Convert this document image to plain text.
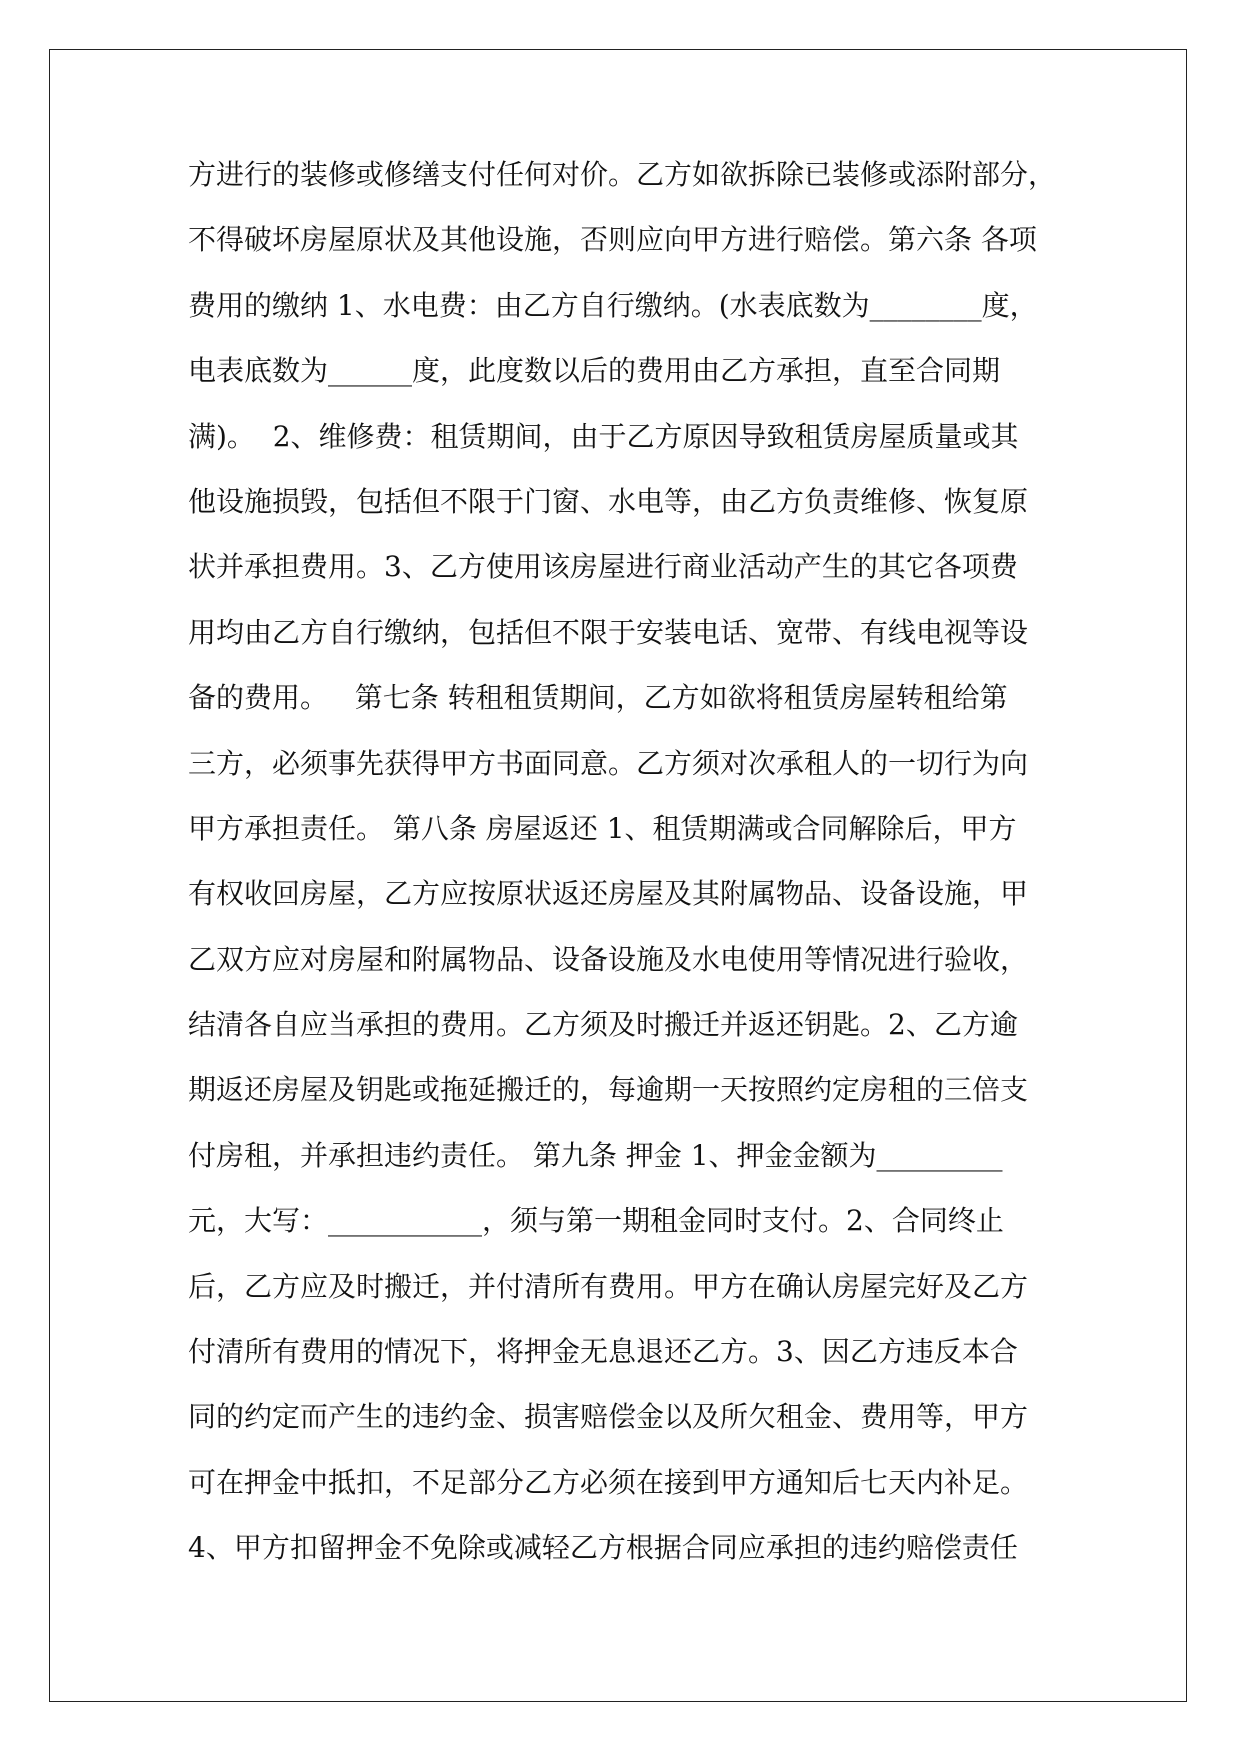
方进行的装修或修缮支付任何对价。乙方如欲拆除已装修或添附部分，
不得破坏房屋原状及其他设施，否则应向甲方进行赔偿。第六条 各项
费用的缴纳 1、水电费：由乙方自行缴纳。(水表底数为________度，
电表底数为______度，此度数以后的费用由乙方承担，直至合同期
满)。  2、维修费：租赁期间，由于乙方原因导致租赁房屋质量或其
他设施损毁，包括但不限于门窗、水电等，由乙方负责维修、恢复原
状并承担费用。3、乙方使用该房屋进行商业活动产生的其它各项费
用均由乙方自行缴纳，包括但不限于安装电话、宽带、有线电视等设
备的费用。   第七条 转租租赁期间，乙方如欲将租赁房屋转租给第
三方，必须事先获得甲方书面同意。乙方须对次承租人的一切行为向
甲方承担责任。 第八条 房屋返还 1、租赁期满或合同解除后，甲方
有权收回房屋，乙方应按原状返还房屋及其附属物品、设备设施，甲
乙双方应对房屋和附属物品、设备设施及水电使用等情况进行验收，
结清各自应当承担的费用。乙方须及时搬迁并返还钥匙。2、乙方逾
期返还房屋及钥匙或拖延搬迁的，每逾期一天按照约定房租的三倍支
付房租，并承担违约责任。 第九条 押金 1、押金金额为_________
元，大写：___________，须与第一期租金同时支付。2、合同终止
后，乙方应及时搬迁，并付清所有费用。甲方在确认房屋完好及乙方
付清所有费用的情况下，将押金无息退还乙方。3、因乙方违反本合
同的约定而产生的违约金、损害赔偿金以及所欠租金、费用等，甲方
可在押金中抵扣，不足部分乙方必须在接到甲方通知后七天内补足。
4、甲方扣留押金不免除或减轻乙方根据合同应承担的违约赔偿责任
